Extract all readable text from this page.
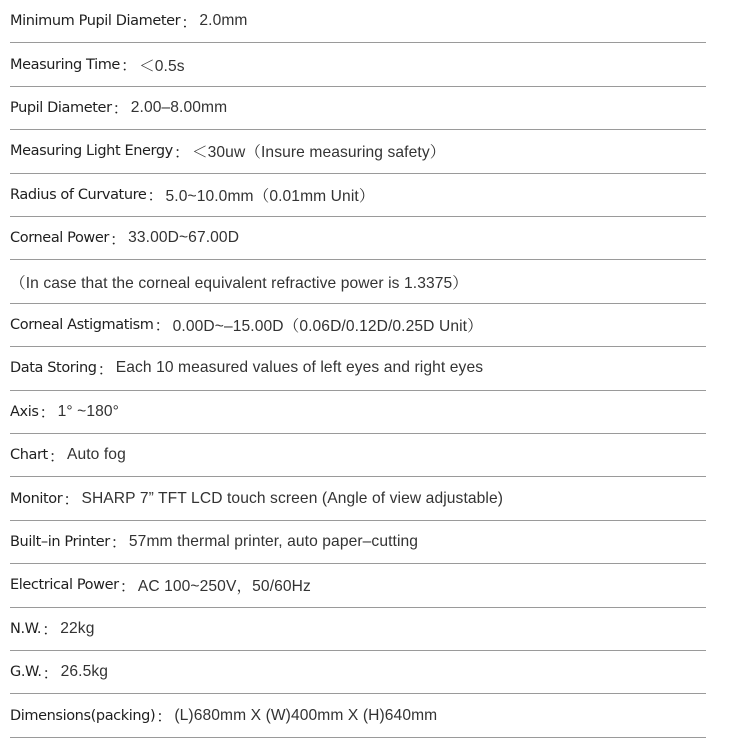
Minimum Pupil Diameter ： 2.0mm
Measuring Time ： ＜0.5s
Pupil Diameter ： 2.00–8.00mm
Measuring Light Energy ： ＜30uw（Insure measuring safety）
Radius of Curvature ： 5.0~10.0mm（0.01mm Unit）
Corneal Power ： 33.00D~67.00D
（In case that the corneal equivalent refractive power is 1.3375）
Corneal Astigmatism ： 0.00D~–15.00D（0.06D/0.12D/0.25D Unit）
Data Storing ： Each 10 measured values of left eyes and right eyes
Axis ： 1° ~180°
Chart ： Auto fog
Monitor ： SHARP 7” TFT LCD touch screen (Angle of view adjustable)
Built–in Printer ： 57mm thermal printer, auto paper–cutting
Electrical Power ： AC 100~250V，50/60Hz
N.W. ： 22kg
G.W. ： 26.5kg
Dimensions(packing) ： (L)680mm X (W)400mm X (H)640mm
